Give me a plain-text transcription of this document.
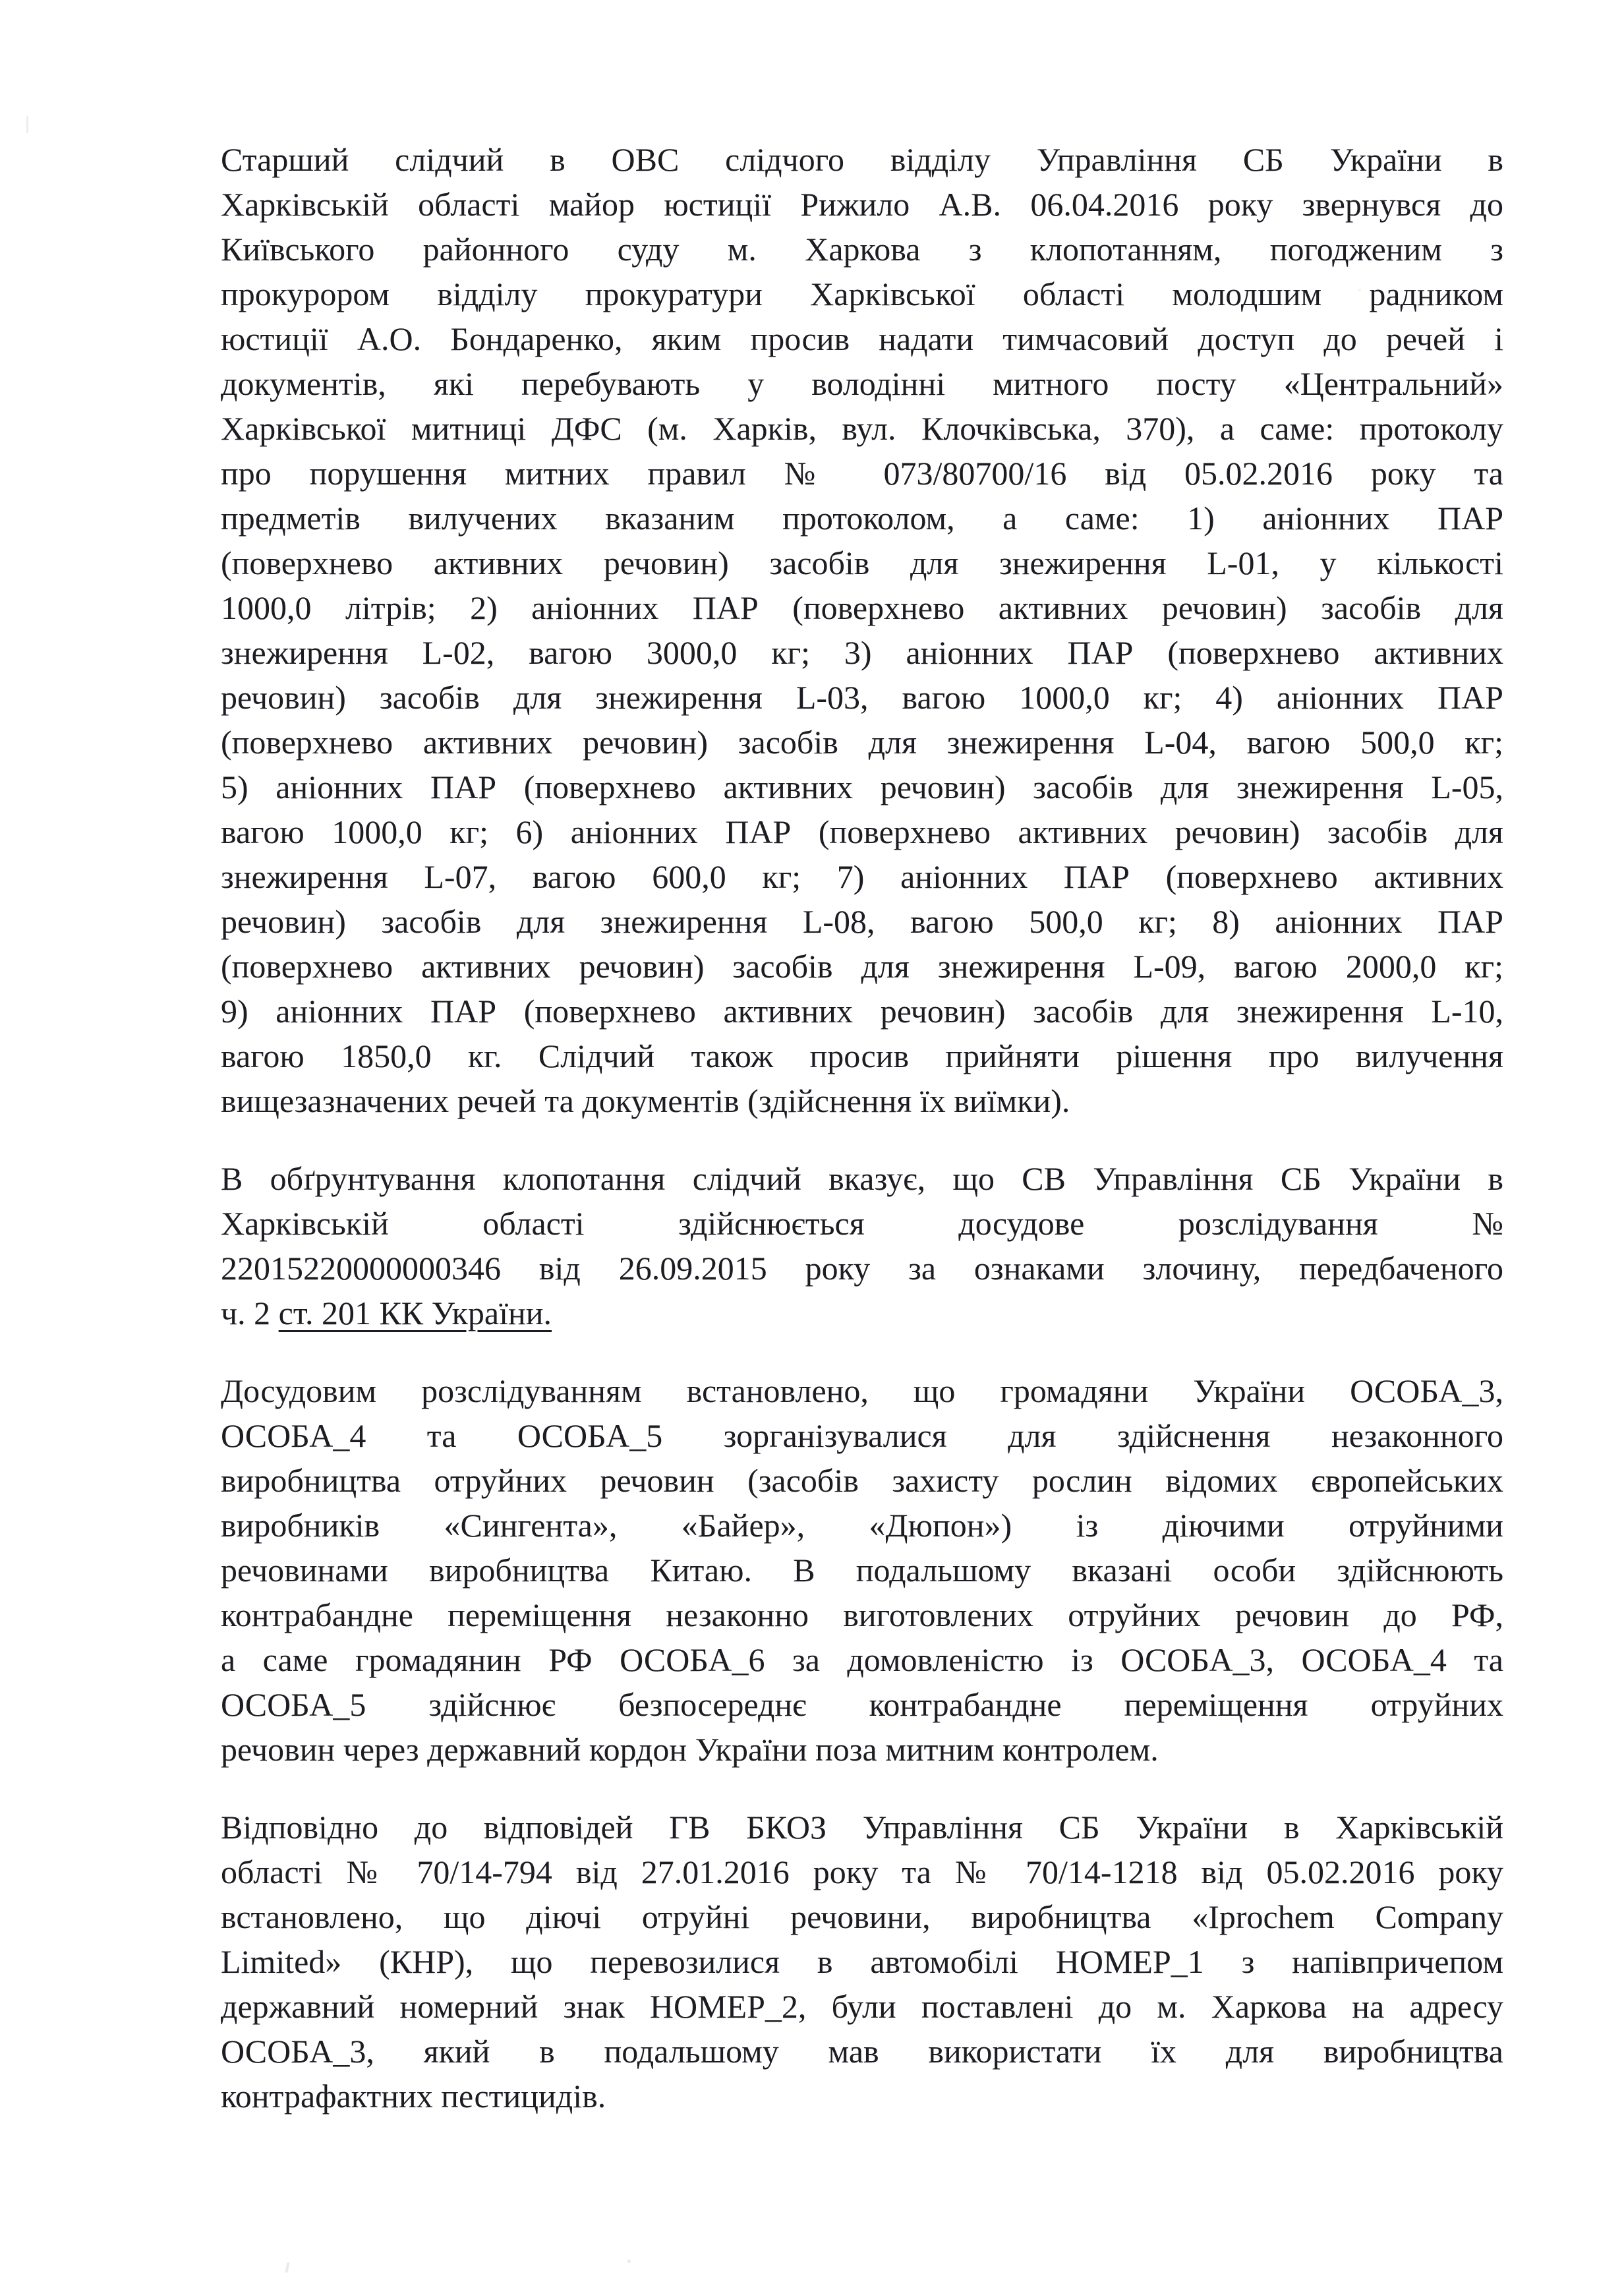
Старший слідчий в ОВС слідчого відділу Управління СБ України в
Харківській області майор юстиції Рижило А.В. 06.04.2016 року звернувся до
Київського районного суду м. Харкова з клопотанням, погодженим з
прокурором відділу прокуратури Харківської області молодшим радником
юстиції А.О. Бондаренко, яким просив надати тимчасовий доступ до речей і
документів, які перебувають у володінні митного посту «Центральний»
Харківської митниці ДФС (м. Харків, вул. Клочківська, 370), а саме: протоколу
про порушення митних правил № 073/80700/16 від 05.02.2016 року та
предметів вилучених вказаним протоколом, а саме: 1) аніонних ПАР
(поверхнево активних речовин) засобів для знежирення L-01, у кількості
1000,0 літрів; 2) аніонних ПАР (поверхнево активних речовин) засобів для
знежирення L-02, вагою 3000,0 кг; 3) аніонних ПАР (поверхнево активних
речовин) засобів для знежирення L-03, вагою 1000,0 кг; 4) аніонних ПАР
(поверхнево активних речовин) засобів для знежирення L-04, вагою 500,0 кг;
5) аніонних ПАР (поверхнево активних речовин) засобів для знежирення L-05,
вагою 1000,0 кг; 6) аніонних ПАР (поверхнево активних речовин) засобів для
знежирення L-07, вагою 600,0 кг; 7) аніонних ПАР (поверхнево активних
речовин) засобів для знежирення L-08, вагою 500,0 кг; 8) аніонних ПАР
(поверхнево активних речовин) засобів для знежирення L-09, вагою 2000,0 кг;
9) аніонних ПАР (поверхнево активних речовин) засобів для знежирення L-10,
вагою 1850,0 кг. Слідчий також просив прийняти рішення про вилучення
вищезазначених речей та документів (здійснення їх виїмки).
В обґрунтування клопотання слідчий вказує, що СВ Управління СБ України в
Харківській області здійснюється досудове розслідування №
22015220000000346 від 26.09.2015 року за ознаками злочину, передбаченого
ч. 2 ст. 201 КК України.
Досудовим розслідуванням встановлено, що громадяни України ОСОБА_3,
ОСОБА_4 та ОСОБА_5 зорганізувалися для здійснення незаконного
виробництва отруйних речовин (засобів захисту рослин відомих європейських
виробників «Сингента», «Байер», «Дюпон») із діючими отруйними
речовинами виробництва Китаю. В подальшому вказані особи здійснюють
контрабандне переміщення незаконно виготовлених отруйних речовин до РФ,
а саме громадянин РФ ОСОБА_6 за домовленістю із ОСОБА_3, ОСОБА_4 та
ОСОБА_5 здійснює безпосереднє контрабандне переміщення отруйних
речовин через державний кордон України поза митним контролем.
Відповідно до відповідей ГВ БКОЗ Управління СБ України в Харківській
області № 70/14-794 від 27.01.2016 року та № 70/14-1218 від 05.02.2016 року
встановлено, що діючі отруйні речовини, виробництва «Iprochem Company
Limited» (КНР), що перевозилися в автомобілі НОМЕР_1 з напівпричепом
державний номерний знак НОМЕР_2, були поставлені до м. Харкова на адресу
ОСОБА_3, який в подальшому мав використати їх для виробництва
контрафактних пестицидів.
